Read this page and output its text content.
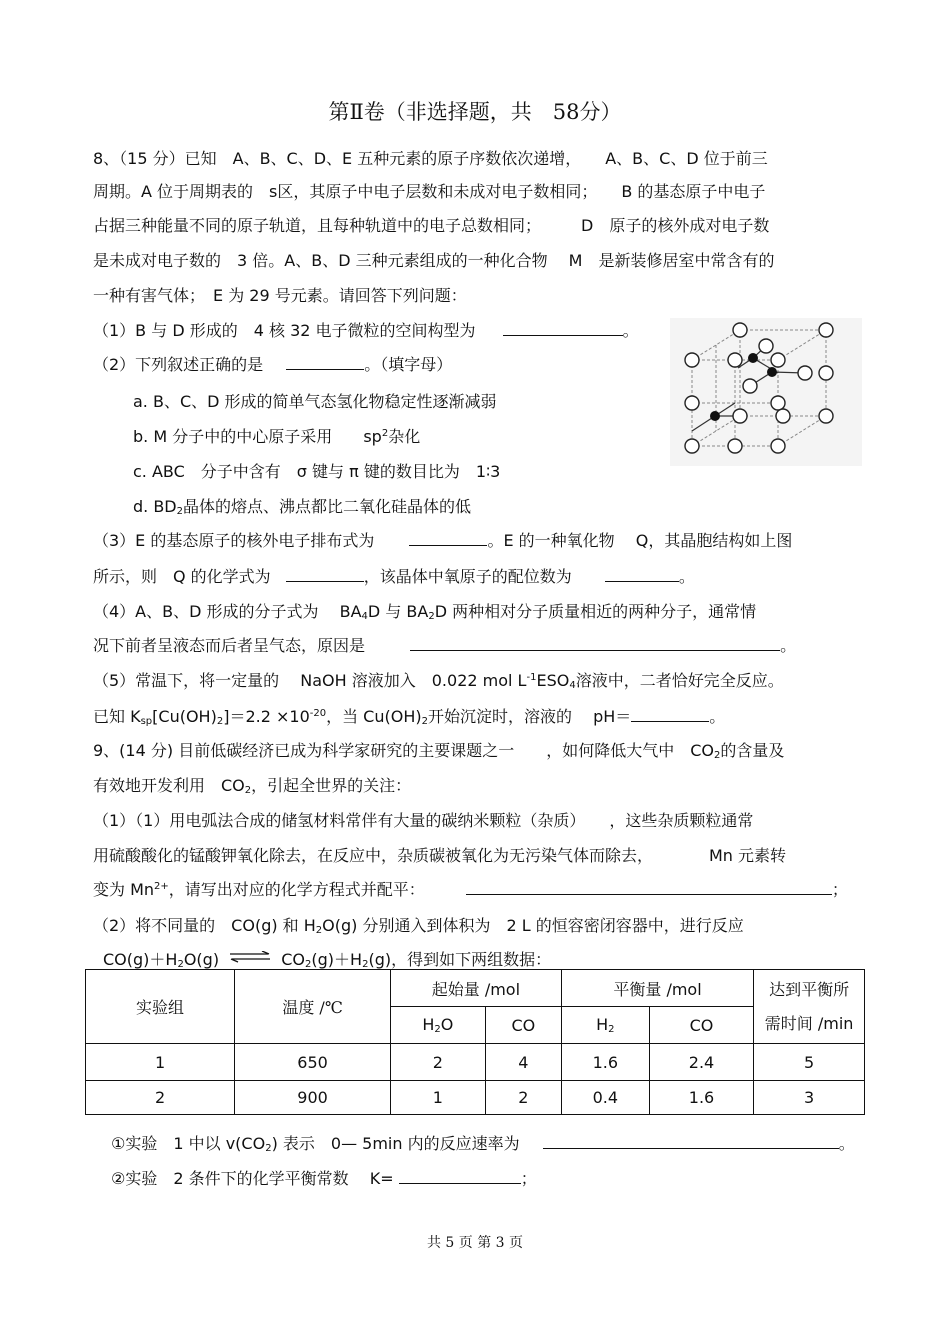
第Ⅱ卷（非选择题，共　58分）
8、（15 分）已知　A、B、C、D、E 五种元素的原子序数依次递增，　　A、B、C、D 位于前三
周期。A 位于周期表的　s区，其原子中电子层数和未成对电子数相同；　　B 的基态原子中电子
占据三种能量不同的原子轨道，且每种轨道中的电子总数相同；　　　D　原子的核外成对电子数
是未成对电子数的　3 倍。A、B、D 三种元素组成的一种化合物　 M　是新装修居室中常含有的
一种有害气体；　E 为 29 号元素。请回答下列问题：
（1）B 与 D 形成的　4 核 32 电子微粒的空间构型为	。
（2）下列叙述正确的是	。（填字母）
a. B、C、D 形成的简单气态氢化物稳定性逐渐减弱
b. M 分子中的中心原子采用 $sp^2$杂化
c. ABC　分子中含有　σ 键与 π 键的数目比为　1∶3
d. $BD_2$晶体的熔点、沸点都比二氧化硅晶体的低
（3）E 的基态原子的核外电子排布式为	。E 的一种氧化物　 Q，其晶胞结构如上图
所示，则　Q 的化学式为	，该晶体中氧原子的配位数为	。
（4）A、B、D 形成的分子式为 $BA_4D$ 与 $BA_2D$ 两种相对分子质量相近的两种分子，通常情
况下前者呈液态而后者呈气态，原因是	。
（5）常温下，将一定量的　 NaOH 溶液加入　0.022 mol $L^{-1}ESO_4$溶液中，二者恰好完全反应。
已知 $K_{sp}[Cu(OH)_2]=2.2 \times 10^{-20}$，当 $Cu(OH)_2$开始沉淀时，溶液的　 pH＝	。
9、(14 分) 目前低碳经济已成为科学家研究的主要课题之一　　，如何降低大气中　$CO_2$的含量及
有效地开发利用　$CO_2$，引起全世界的关注：
（1）（1）用电弧法合成的储氢材料常伴有大量的碳纳米颗粒（杂质）　　，这些杂质颗粒通常
用硫酸酸化的锰酸钾氧化除去，在反应中，杂质碳被氧化为无污染气体而除去，　　　　Mn 元素转
变为 $Mn^{2+}$，请写出对应的化学方程式并配平：	；
（2）将不同量的　CO(g) 和 $H_2O(g)$ 分别通入到体积为　2 L 的恒容密闭容器中，进行反应
$CO(g)+H_2O(g)$ ⇌ $CO_2(g)+H_2(g)$，得到如下两组数据：
实验组	温度 /℃	起始量 /mol		平衡量 /mol		达到平衡所
需时间 /min

		$H_2O$	CO	$H_2$	CO	
1	650	2	4	1.6	2.4	5
2	900	1	2	0.4	1.6	3
①实验　1 中以 $v(CO_2)$ 表示　0— 5min 内的反应速率为	。
②实验　2 条件下的化学平衡常数　 K=	；
共 5 页 第 3 页
